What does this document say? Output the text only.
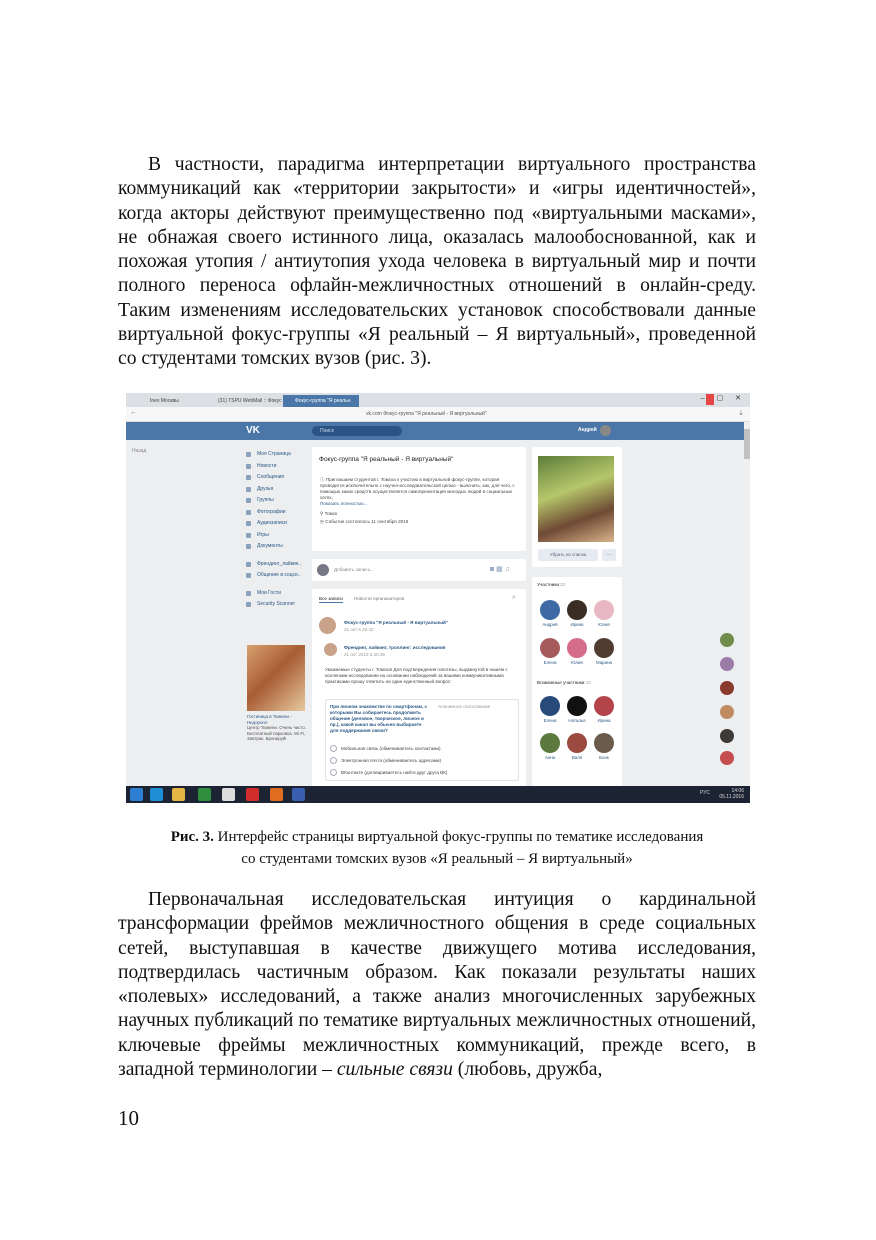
В частности, парадигма интерпретации виртуального пространства коммуникаций как «территории закрытости» и «игры идентичностей», когда акторы действуют преимущественно под «виртуальными масками», не обнажая своего истинного лица, оказалась малообоснованной, как и похожая утопия / антиутопия ухода человека в виртуальный мир и почти полного переноса офлайн-межличностных отношений в онлайн-среду. Таким изменениям исследовательских установок способствовали данные виртуальной фокус-группы «Я реальный – Я виртуальный», проведенной со студентами томских вузов (рис. 3).

Ines Москвы	(31) TSPU WebMail :: Фокус	Фокус-группа "Я реальн	– ▢ ✕
←	vk.com Фокус-группа "Я реальный - Я виртуальный"	⇣
VK	Поиск	Андрей
Назад	Моя Страница
Новости
Сообщения
Друзья
Группы
Фотографии
Аудиозаписи
Игры
Документы
Френдинг_лайкин..
Общение в соцсе..
Мои Гости
Security Scanner
Гостиница в Тюмени - Недорого!
Центр Тюмени. Очень чисто. Бесплатный парковка. Wi-Fi, Завтрак. Бронируй!
Фокус-группа "Я реальный - Я виртуальный"
ⓘ Приглашаем студентов г. Томска к участию в виртуальной фокус-группе, которая проводится исключительно с научно-исследовательской целью - выяснить, как, для чего, с помощью каких средств осуществляется самопрезентация молодых людей в социальных сетях,
Показать полностью...
⚲ Томск
◷ Событие состоялось 11 сентября 2016
Добавить запись...	◙ ▦ ♫
Все записи Новости организаторов	⌕
Фокус-группа "Я реальный - Я виртуальный"
21 окт в 20:42
Френдинг, лайкинг, троллинг: исследования
21 окт 2016 в 20:35
Уважаемые студенты г. Томска! Для подтверждения гипотезы, выдвинутой в нашем с коллегами исследовании на основании наблюдений за вашими коммуникативными практиками прошу ответить на один единственный вопрос:
При личном знакомстве по смартфонам, с которыми Вы собираетесь продолжить общение (деловое, творческое, личное и пр.), какой канал вы обычно выбираете для поддержания связи?
Анонимное голосование
Мобильная связь (обмениваетесь контактами)
Электронная почта (обмениваетесь адресами)
ВКонтакте (договариваетесь найти друг друга ВК)
Убрать из списка	···
Участники 22
Андрей	Ирина	Юлия
Елена	Юлия	Марина
Возможные участники 10
Елена	Наталья	Ирина
Анна	Валя	Бонк
РУС	14:06
05.11.2016
Рис. 3. Интерфейс страницы виртуальной фокус-группы по тематике исследования
со студентами томских вузов «Я реальный – Я виртуальный»

Первоначальная исследовательская интуиция о кардинальной трансформации фреймов межличностного общения в среде социальных сетей, выступавшая в качестве движущего мотива исследования, подтвердилась частичным образом. Как показали результаты наших «полевых» исследований, а также анализ многочисленных зарубежных научных публикаций по тематике виртуальных межличностных отношений, ключевые фреймы межличностных коммуникаций, прежде всего, в западной терминологии – сильные связи (любовь, дружба,

10
